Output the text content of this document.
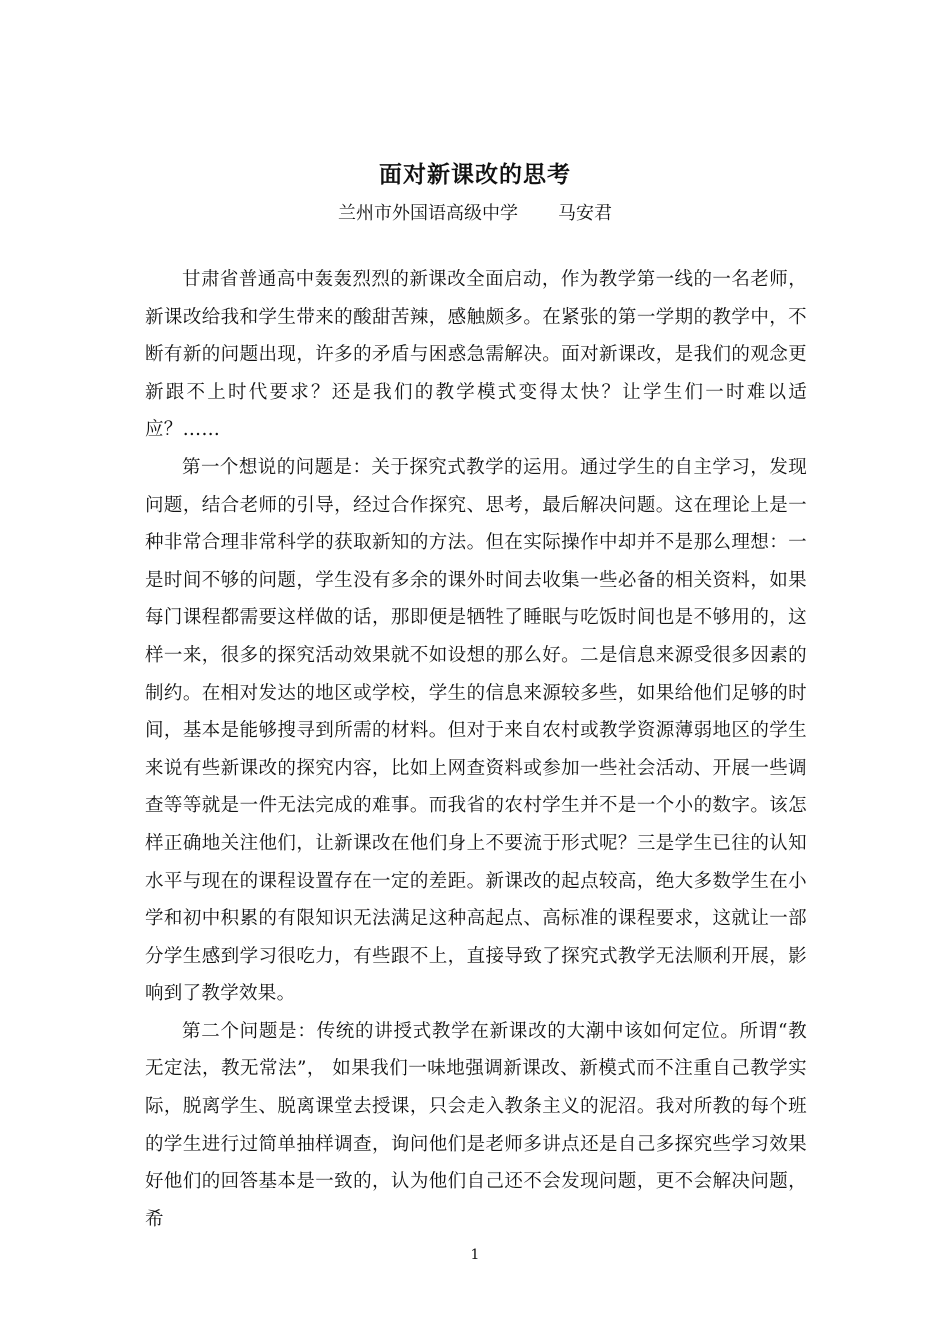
面对新课改的思考
兰州市外国语高级中学 马安君

甘肃省普通高中轰轰烈烈的新课改全面启动，作为教学第一线的一名老师，新课改给我和学生带来的酸甜苦辣，感触颇多。在紧张的第一学期的教学中，不断有新的问题出现，许多的矛盾与困惑急需解决。面对新课改，是我们的观念更新跟不上时代要求？还是我们的教学模式变得太快？让学生们一时难以适应？……

第一个想说的问题是：关于探究式教学的运用。通过学生的自主学习，发现问题，结合老师的引导，经过合作探究、思考，最后解决问题。这在理论上是一种非常合理非常科学的获取新知的方法。但在实际操作中却并不是那么理想：一是时间不够的问题，学生没有多余的课外时间去收集一些必备的相关资料，如果每门课程都需要这样做的话，那即便是牺牲了睡眠与吃饭时间也是不够用的，这样一来，很多的探究活动效果就不如设想的那么好。二是信息来源受很多因素的制约。在相对发达的地区或学校，学生的信息来源较多些，如果给他们足够的时间，基本是能够搜寻到所需的材料。但对于来自农村或教学资源薄弱地区的学生来说有些新课改的探究内容，比如上网查资料或参加一些社会活动、开展一些调查等等就是一件无法完成的难事。而我省的农村学生并不是一个小的数字。该怎样正确地关注他们，让新课改在他们身上不要流于形式呢？三是学生已往的认知水平与现在的课程设置存在一定的差距。新课改的起点较高，绝大多数学生在小学和初中积累的有限知识无法满足这种高起点、高标准的课程要求，这就让一部分学生感到学习很吃力，有些跟不上，直接导致了探究式教学无法顺利开展，影响到了教学效果。

第二个问题是：传统的讲授式教学在新课改的大潮中该如何定位。所谓“教无定法，教无常法”， 如果我们一味地强调新课改、新模式而不注重自己教学实际，脱离学生、脱离课堂去授课，只会走入教条主义的泥沼。我对所教的每个班的学生进行过简单抽样调查，询问他们是老师多讲点还是自己多探究些学习效果好他们的回答基本是一致的，认为他们自己还不会发现问题，更不会解决问题，希

1
